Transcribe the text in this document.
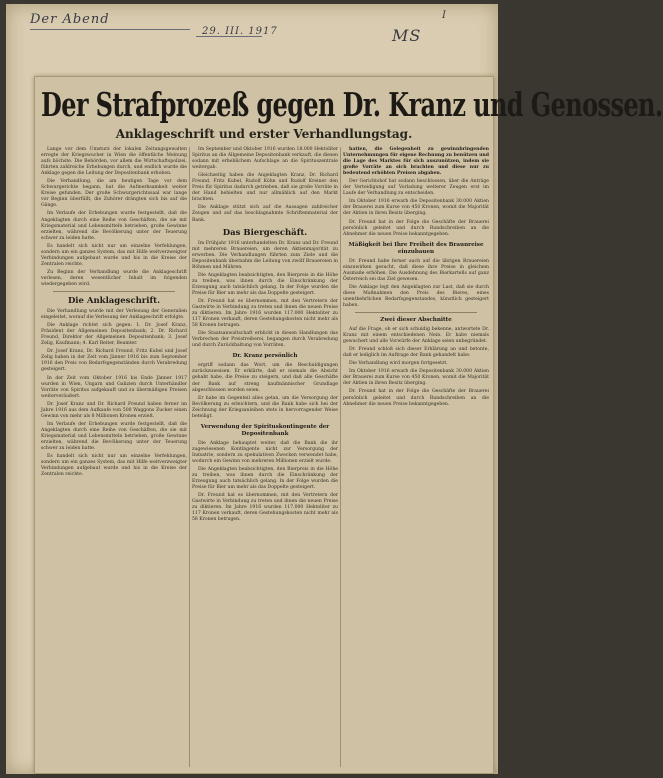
Der Abend
29. III. 1917	MS
I
Der Strafprozeß gegen Dr. Kranz und Genossen.
Anklageschrift und erster Verhandlungstag.

Lange vor dem Umsturz der lokalen Zeitungsgewalten erregte der Kriegswucher in Wien die öffentliche Meinung aufs höchste. Die Behörden, vor allem die Wirtschaftspolizei, führten zahlreiche Erhebungen durch, und endlich wurde die Anklage gegen die Leitung der Depositenbank erhoben.

Die Verhandlung, die am heutigen Tage vor dem Schwurgerichte begann, hat die Aufmerksamkeit weiter Kreise gefunden. Der große Schwurgerichtssaal war lange vor Beginn überfüllt, die Zuhörer drängten sich bis auf die Gänge.

Im Verlaufe der Erhebungen wurde festgestellt, daß die Angeklagten durch eine Reihe von Geschäften, die sie mit Kriegsmaterial und Lebensmitteln betrieben, große Gewinne erzielten, während die Bevölkerung unter der Teuerung schwer zu leiden hatte.

Es handelt sich nicht nur um einzelne Verfehlungen, sondern um ein ganzes System, das mit Hilfe weitverzweigter Verbindungen aufgebaut wurde und bis in die Kreise der Zentralen reichte.

Zu Beginn der Verhandlung wurde die Anklageschrift verlesen, deren wesentlicher Inhalt im folgenden wiedergegeben wird.

Die Anklageschrift.

Die Verhandlung wurde mit der Verlesung der Generalien eingeleitet, worauf die Verlesung der Anklageschrift erfolgte.

Die Anklage richtet sich gegen: 1. Dr. Josef Kranz, Präsident der Allgemeinen Depositenbank; 2. Dr. Richard Freund, Direktor der Allgemeinen Depositenbank; 3. Josef Zelig, Kaufmann; 4. Karl Reiter, Beamter.

Dr. Josef Kranz, Dr. Richard Freund, Fritz Kubel und Josef Zelig haben in der Zeit vom Jänner 1916 bis zum September 1916 den Preis von Bedarfsgegenständen durch Verabredung gesteigert.

In der Zeit vom Oktober 1916 bis Ende Jänner 1917 wurden in Wien, Ungarn und Galizien durch Unterhändler Vorräte von Spiritus aufgekauft und zu übermäßigen Preisen weiterveräußert.

Dr. Josef Kranz und Dr. Richard Freund haben ferner im Jahre 1916 aus dem Aufkaufe von 500 Waggons Zucker einen Gewinn von mehr als 8 Millionen Kronen erzielt.

Im Verlaufe der Erhebungen wurde festgestellt, daß die Angeklagten durch eine Reihe von Geschäften, die sie mit Kriegsmaterial und Lebensmitteln betrieben, große Gewinne erzielten, während die Bevölkerung unter der Teuerung schwer zu leiden hatte.

Es handelt sich nicht nur um einzelne Verfehlungen, sondern um ein ganzes System, das mit Hilfe weitverzweigter Verbindungen aufgebaut wurde und bis in die Kreise der Zentralen reichte.

Im September und Oktober 1916 wurden 18.000 Hektoliter Spiritus an die Allgemeine Depositenbank verkauft, die diesen sodann mit erheblichem Aufschlage an die Spirituszentrale weitergab.

Gleichzeitig haben die Angeklagten Kranz, Dr. Richard Freund, Fritz Kubel, Rudolf Köhn und Rudolf Kreiner den Preis für Spiritus dadurch getrieben, daß sie große Vorräte in der Hand behielten und nur allmählich auf den Markt brachten.

Die Anklage stützt sich auf die Aussagen zahlreicher Zeugen und auf das beschlagnahmte Schriftenmaterial der Bank.

Das Biergeschäft.

Im Frühjahr 1916 unterhandelten Dr. Kranz und Dr. Freund mit mehreren Brauereien, um deren Aktienmajorität zu erwerben. Die Verhandlungen führten zum Ziele und die Depositenbank übernahm die Leitung von zwölf Brauereien in Böhmen und Mähren.

Die Angeklagten beabsichtigten, den Bierpreis in die Höhe zu treiben, was ihnen durch die Einschränkung der Erzeugung auch tatsächlich gelang. In der Folge wurden die Preise für Bier um mehr als das Doppelte gesteigert.

Dr. Freund hat es übernommen, mit den Vertretern der Gastwirte in Verbindung zu treten und ihnen die neuen Preise zu diktieren. Im Jahre 1916 wurden 117.000 Hektoliter zu 117 Kronen verkauft, deren Gestehungskosten nicht mehr als 58 Kronen betrugen.

Die Staatsanwaltschaft erblickt in diesen Handlungen das Verbrechen der Preistreiberei, begangen durch Verabredung und durch Zurückhaltung von Vorräten.

Dr. Kranz persönlich

ergriff sodann das Wort, um die Beschuldigungen zurückzuweisen. Er erklärte, daß er niemals die Absicht gehabt habe, die Preise zu steigern, und daß alle Geschäfte der Bank auf streng kaufmännischer Grundlage abgeschlossen worden seien.

Er habe im Gegenteil alles getan, um die Versorgung der Bevölkerung zu erleichtern, und die Bank habe sich bei der Zeichnung der Kriegsanleihen stets in hervorragender Weise beteiligt.

Verwendung der Spirituskontingente der Depositenbank

Die Anklage behauptet weiter, daß die Bank die ihr zugewiesenen Kontingente nicht zur Versorgung der Industrie, sondern zu spekulativen Zwecken verwendet habe, wodurch ein Gewinn von mehreren Millionen erzielt wurde.

Die Angeklagten beabsichtigten, den Bierpreis in die Höhe zu treiben, was ihnen durch die Einschränkung der Erzeugung auch tatsächlich gelang. In der Folge wurden die Preise für Bier um mehr als das Doppelte gesteigert.

Dr. Freund hat es übernommen, mit den Vertretern der Gastwirte in Verbindung zu treten und ihnen die neuen Preise zu diktieren. Im Jahre 1916 wurden 117.000 Hektoliter zu 117 Kronen verkauft, deren Gestehungskosten nicht mehr als 58 Kronen betrugen.

hatten, die Gelegenheit zu gewinnbringenden Unternehmungen für eigene Rechnung zu benützen und die Lage des Marktes für sich auszunützen, indem sie große Vorräte an sich brachten und diese nur zu bedeutend erhöhten Preisen abgaben.

Der Gerichtshof hat sodann beschlossen, über die Anträge der Verteidigung auf Vorladung weiterer Zeugen erst im Laufe der Verhandlung zu entscheiden.

Im Oktober 1916 erwarb die Depositenbank 30.000 Aktien der Brauerei zum Kurse von 450 Kronen, womit die Majorität der Aktien in ihren Besitz überging.

Dr. Freund hat in der Folge die Geschäfte der Brauerei persönlich geleitet und durch Rundschreiben an die Abnehmer die neuen Preise bekanntgegeben.

Mäßigkeit bei Ihre Freiheit des Braunreise einzubauen

Dr. Freund habe ferner auch auf die übrigen Brauereien einzuwirken gesucht, daß diese ihre Preise in gleichem Ausmaße erhöhen. Die Ausdehnung des Bierkartells auf ganz Österreich sei das Ziel gewesen.

Die Anklage legt den Angeklagten zur Last, daß sie durch diese Maßnahmen den Preis des Bieres, eines unentbehrlichen Bedarfsgegenstandes, künstlich gesteigert haben.

Zwei dieser Abschnitte

Auf die Frage, ob er sich schuldig bekenne, antwortete Dr. Kranz mit einem entschiedenen Nein. Er habe niemals gewuchert und alle Vorwürfe der Anklage seien unbegründet.

Dr. Freund schloß sich dieser Erklärung an und betonte, daß er lediglich im Auftrage der Bank gehandelt habe.

Die Verhandlung wird morgen fortgesetzt.

Im Oktober 1916 erwarb die Depositenbank 30.000 Aktien der Brauerei zum Kurse von 450 Kronen, womit die Majorität der Aktien in ihren Besitz überging.

Dr. Freund hat in der Folge die Geschäfte der Brauerei persönlich geleitet und durch Rundschreiben an die Abnehmer die neuen Preise bekanntgegeben.
